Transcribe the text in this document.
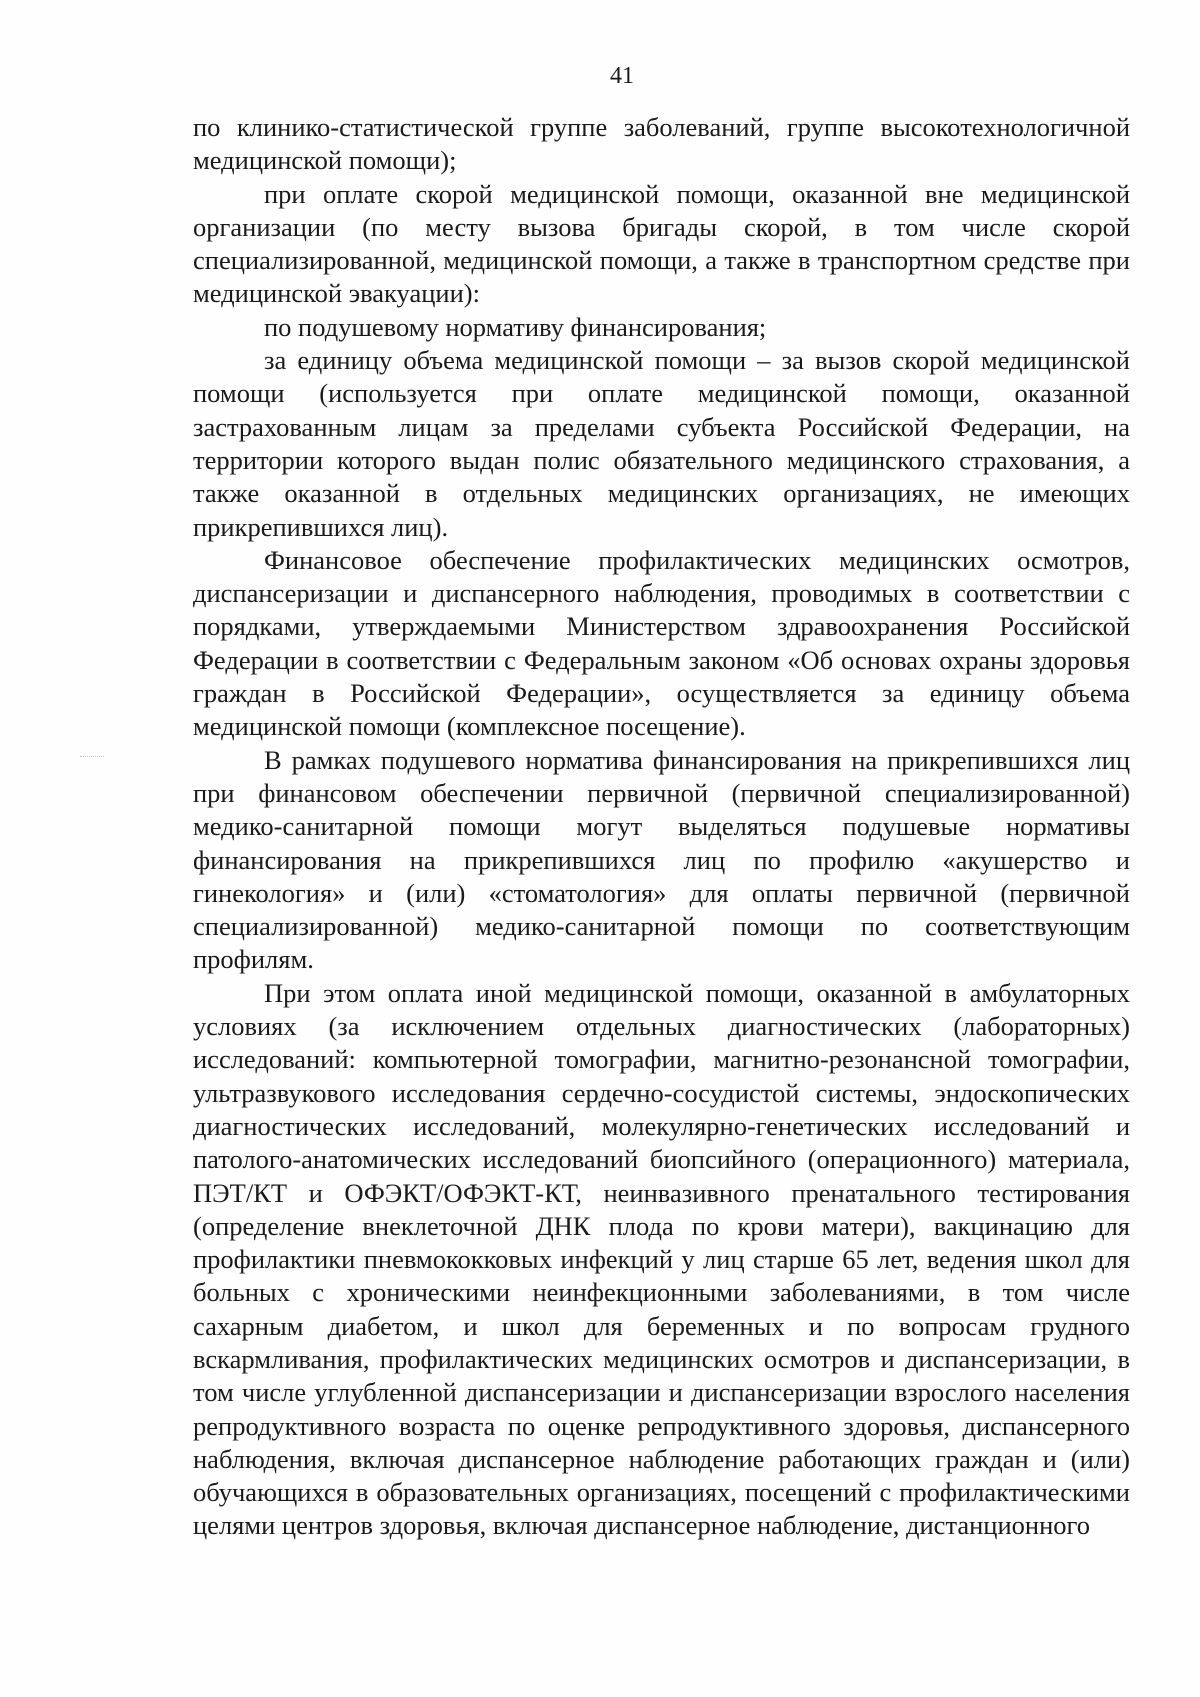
41

по клинико-статистической группе заболеваний, группе высокотехнологичной медицинской помощи);

при оплате скорой медицинской помощи, оказанной вне медицинской организации (по месту вызова бригады скорой, в том числе скорой специализированной, медицинской помощи, а также в транспортном средстве при медицинской эвакуации):

по подушевому нормативу финансирования;

за единицу объема медицинской помощи – за вызов скорой медицинской помощи (используется при оплате медицинской помощи, оказанной застрахованным лицам за пределами субъекта Российской Федерации, на территории которого выдан полис обязательного медицинского страхования, а также оказанной в отдельных медицинских организациях, не имеющих прикрепившихся лиц).

Финансовое обеспечение профилактических медицинских осмотров, диспансеризации и диспансерного наблюдения, проводимых в соответствии с порядками, утверждаемыми Министерством здравоохранения Российской Федерации в соответствии с Федеральным законом «Об основах охраны здоровья граждан в Российской Федерации», осуществляется за единицу объема медицинской помощи (комплексное посещение).

В рамках подушевого норматива финансирования на прикрепившихся лиц при финансовом обеспечении первичной (первичной специализированной) медико-санитарной помощи могут выделяться подушевые нормативы финансирования на прикрепившихся лиц по профилю «акушерство и гинекология» и (или) «стоматология» для оплаты первичной (первичной специализированной) медико-санитарной помощи по соответствующим профилям.

При этом оплата иной медицинской помощи, оказанной в амбулаторных условиях (за исключением отдельных диагностических (лабораторных) исследований: компьютерной томографии, магнитно-резонансной томографии, ультразвукового исследования сердечно-сосудистой системы, эндоскопических диагностических исследований, молекулярно-генетических исследований и патолого-анатомических исследований биопсийного (операционного) материала, ПЭТ/КТ и ОФЭКТ/ОФЭКТ-КТ, неинвазивного пренатального тестирования (определение внеклеточной ДНК плода по крови матери), вакцинацию для профилактики пневмококковых инфекций у лиц старше 65 лет, ведения школ для больных с хроническими неинфекционными заболеваниями, в том числе сахарным диабетом, и школ для беременных и по вопросам грудного вскармливания, профилактических медицинских осмотров и диспансеризации, в том числе углубленной диспансеризации и диспансеризации взрослого населения репродуктивного возраста по оценке репродуктивного здоровья, диспансерного наблюдения, включая диспансерное наблюдение работающих граждан и (или) обучающихся в образовательных организациях, посещений с профилактическими целями центров здоровья, включая диспансерное наблюдение, дистанционного
